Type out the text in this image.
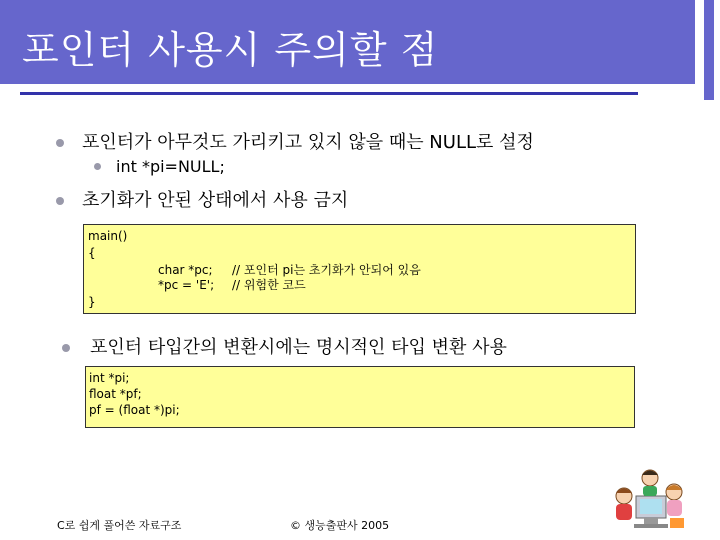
포인터 사용시 주의할 점
포인터가 아무것도 가리키고 있지 않을 때는 NULL로 설정
int *pi=NULL;
초기화가 안된 상태에서 사용 금지
main()
{
char *pc; // 포인터 pi는 초기화가 안되어 있음
*pc = 'E'; // 위험한 코드
}
포인터 타입간의 변환시에는 명시적인 타입 변환 사용
int *pi;
float *pf;
pf = (float *)pi;
C로 쉽게 풀어쓴 자료구조	© 생능출판사 2005
